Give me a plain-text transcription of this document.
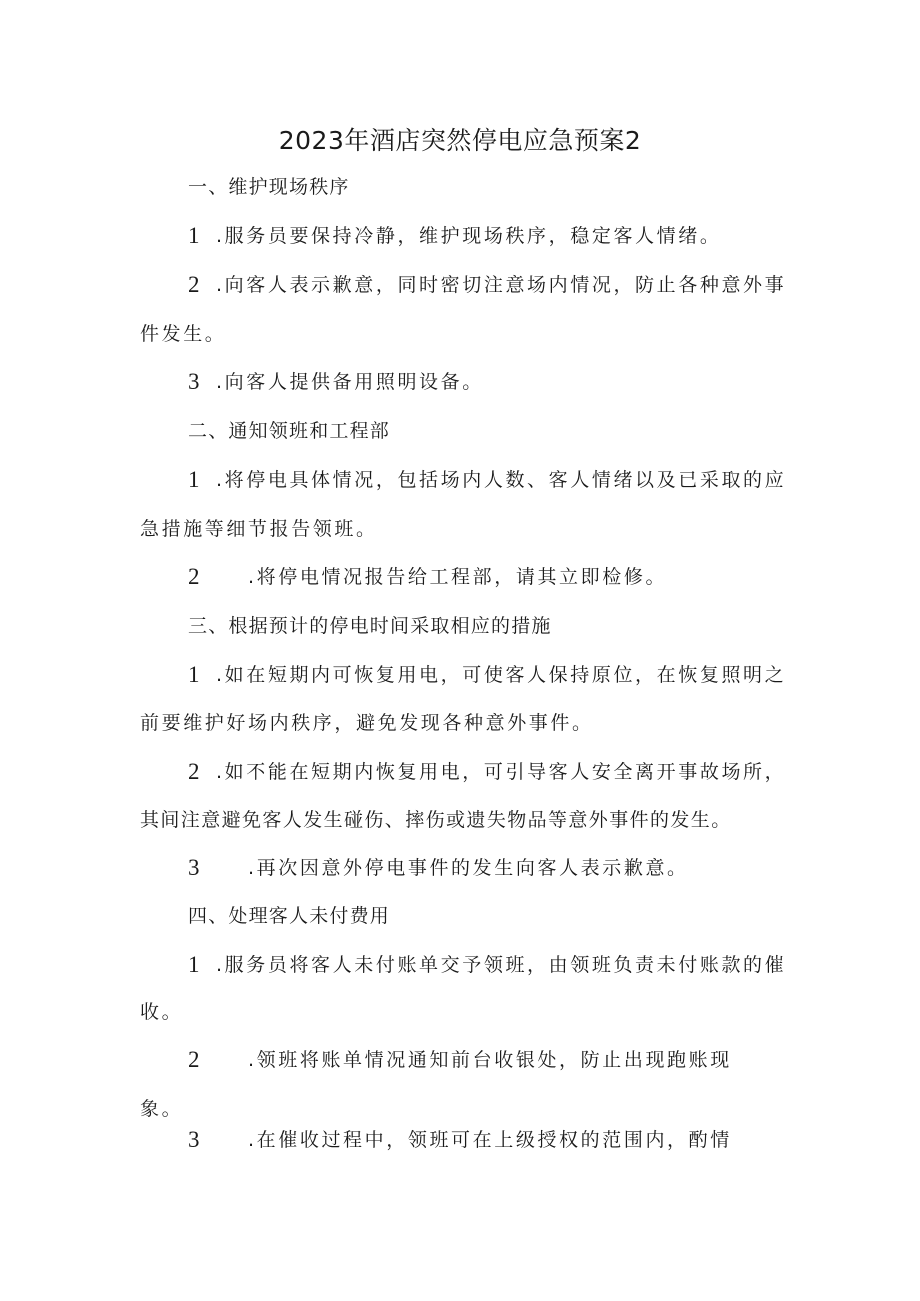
2023年酒店突然停电应急预案2
一、维护现场秩序
1 .服务员要保持冷静，维护现场秩序，稳定客人情绪。
2 .向客人表示歉意，同时密切注意场内情况，防止各种意外事
件发生。
3 .向客人提供备用照明设备。
二、通知领班和工程部
1 .将停电具体情况，包括场内人数、客人情绪以及已采取的应
急措施等细节报告领班。
2 .将停电情况报告给工程部，请其立即检修。
三、根据预计的停电时间采取相应的措施
1 .如在短期内可恢复用电，可使客人保持原位，在恢复照明之
前要维护好场内秩序，避免发现各种意外事件。
2 .如不能在短期内恢复用电，可引导客人安全离开事故场所，
其间注意避免客人发生碰伤、摔伤或遗失物品等意外事件的发生。
3 .再次因意外停电事件的发生向客人表示歉意。
四、处理客人未付费用
1 .服务员将客人未付账单交予领班，由领班负责未付账款的催
收。
2 .领班将账单情况通知前台收银处，防止出现跑账现
象。
3 .在催收过程中，领班可在上级授权的范围内，酌情
